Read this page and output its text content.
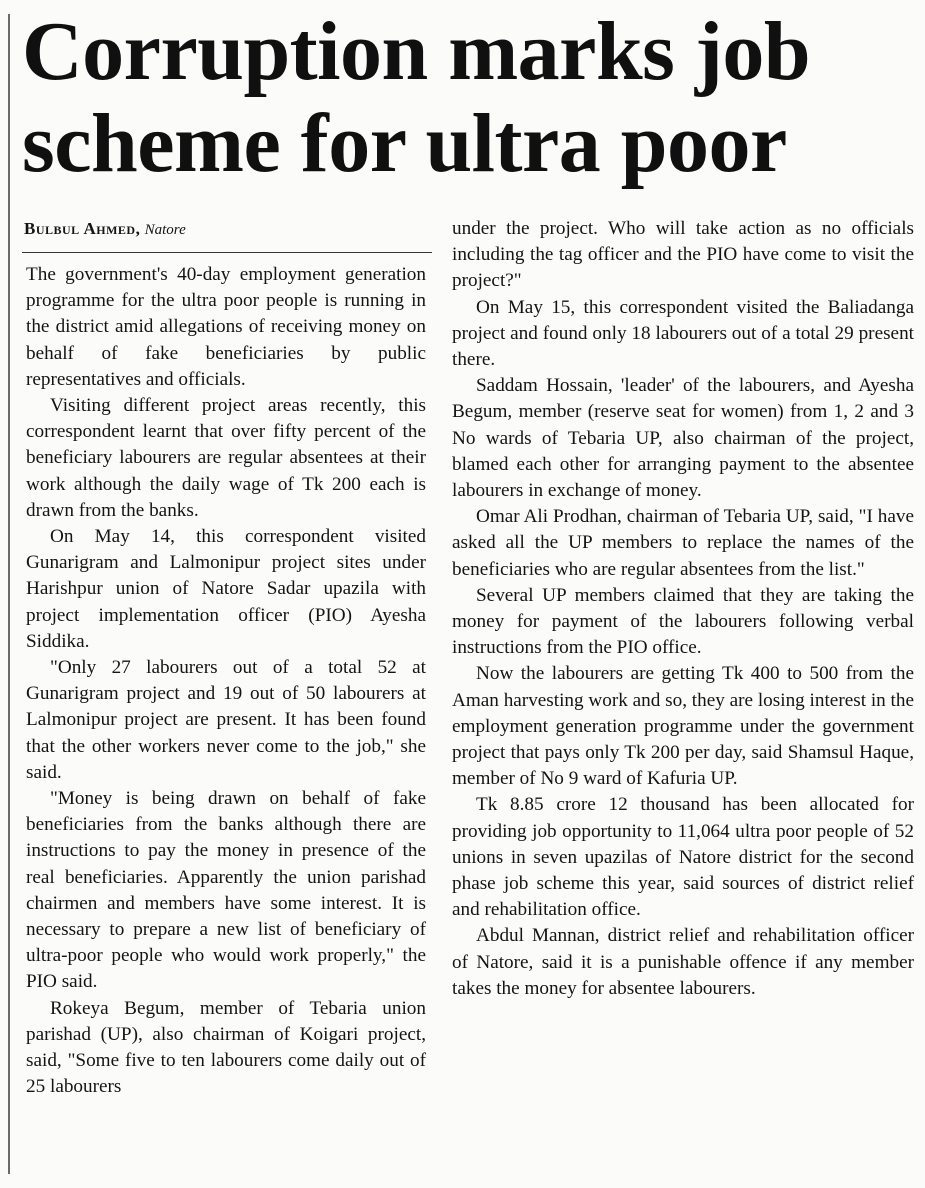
Corruption marks job scheme for ultra poor
Bulbul Ahmed, Natore

The government's 40-day employment generation programme for the ultra poor people is running in the district amid allegations of receiving money on behalf of fake beneficiaries by public representatives and officials.

Visiting different project areas recently, this correspondent learnt that over fifty percent of the beneficiary labourers are regular absentees at their work although the daily wage of Tk 200 each is drawn from the banks.

On May 14, this correspondent visited Gunarigram and Lalmonipur project sites under Harishpur union of Natore Sadar upazila with project implementation officer (PIO) Ayesha Siddika.

"Only 27 labourers out of a total 52 at Gunarigram project and 19 out of 50 labourers at Lalmonipur project are present. It has been found that the other workers never come to the job," she said.

"Money is being drawn on behalf of fake beneficiaries from the banks although there are instructions to pay the money in presence of the real beneficiaries. Apparently the union parishad chairmen and members have some interest. It is necessary to prepare a new list of beneficiary of ultra-poor people who would work properly," the PIO said.

Rokeya Begum, member of Tebaria union parishad (UP), also chairman of Koigari project, said, "Some five to ten labourers come daily out of 25 labourers

under the project. Who will take action as no officials including the tag officer and the PIO have come to visit the project?"

On May 15, this correspondent visited the Baliadanga project and found only 18 labourers out of a total 29 present there.

Saddam Hossain, 'leader' of the labourers, and Ayesha Begum, member (reserve seat for women) from 1, 2 and 3 No wards of Tebaria UP, also chairman of the project, blamed each other for arranging payment to the absentee labourers in exchange of money.

Omar Ali Prodhan, chairman of Tebaria UP, said, "I have asked all the UP members to replace the names of the beneficiaries who are regular absentees from the list."

Several UP members claimed that they are taking the money for payment of the labourers following verbal instructions from the PIO office.

Now the labourers are getting Tk 400 to 500 from the Aman harvesting work and so, they are losing interest in the employment generation programme under the government project that pays only Tk 200 per day, said Shamsul Haque, member of No 9 ward of Kafuria UP.

Tk 8.85 crore 12 thousand has been allocated for providing job opportunity to 11,064 ultra poor people of 52 unions in seven upazilas of Natore district for the second phase job scheme this year, said sources of district relief and rehabilitation office.

Abdul Mannan, district relief and rehabilitation officer of Natore, said it is a punishable offence if any member takes the money for absentee labourers.
